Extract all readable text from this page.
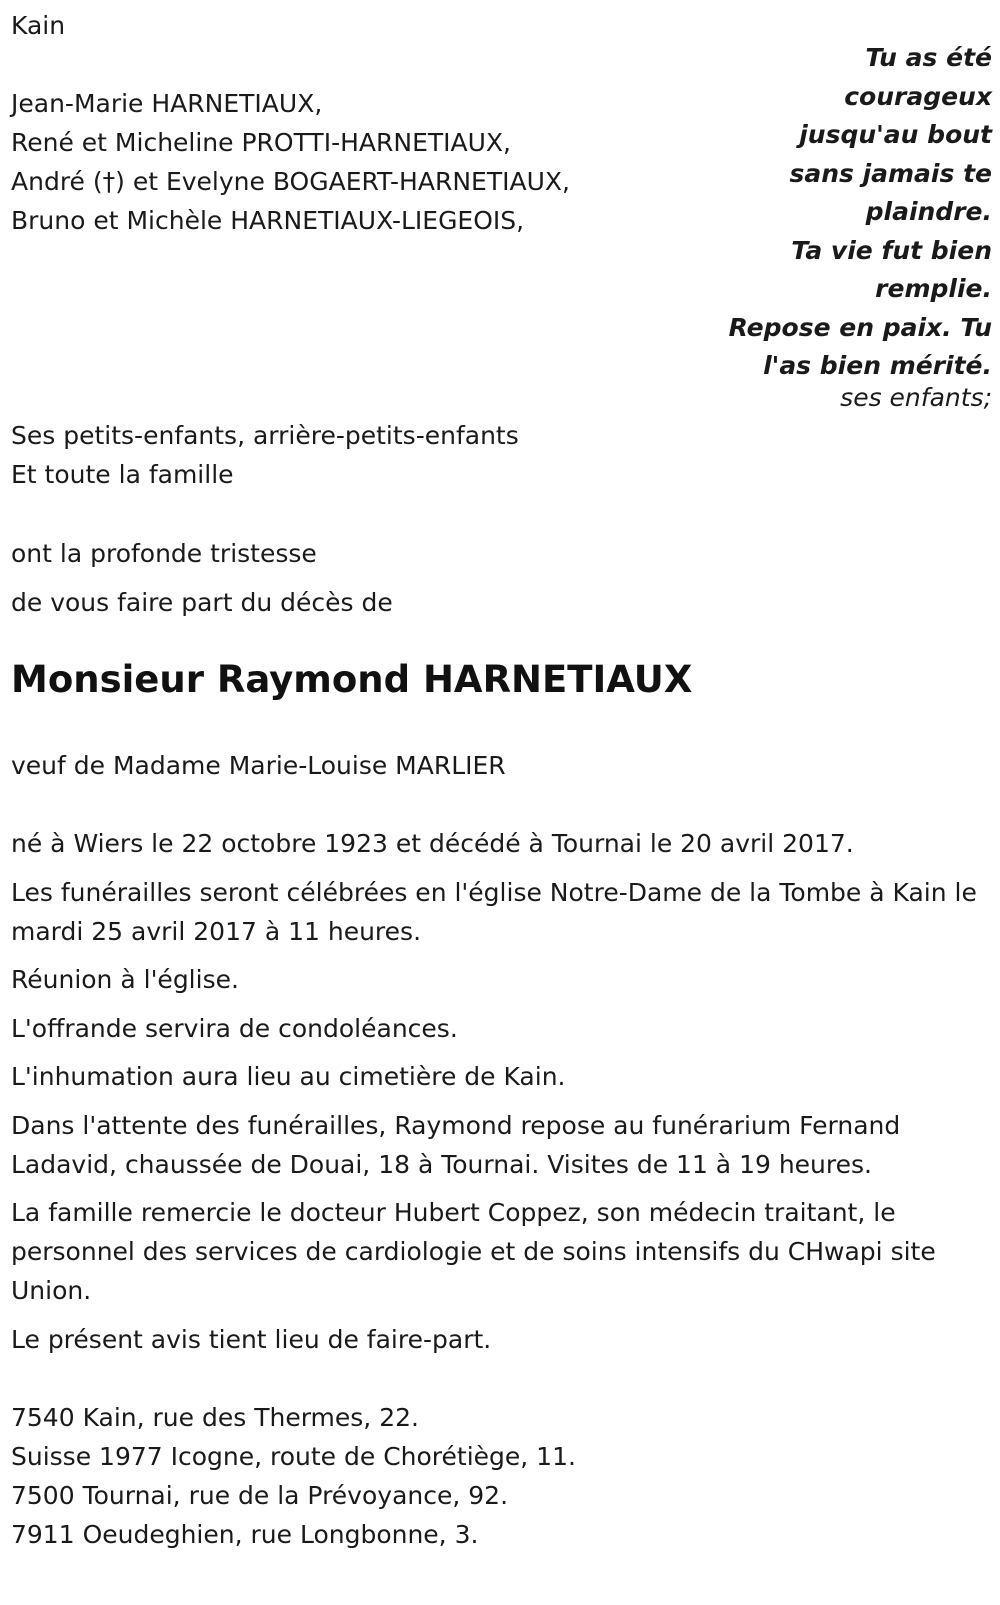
Kain
Jean-Marie HARNETIAUX,
René et Micheline PROTTI-HARNETIAUX,
André (†) et Evelyne BOGAERT-HARNETIAUX,
Bruno et Michèle HARNETIAUX-LIEGEOIS,
Tu as été
courageux
jusqu'au bout
sans jamais te
plaindre.
Ta vie fut bien
remplie.
Repose en paix. Tu
l'as bien mérité.
ses enfants;
Ses petits-enfants, arrière-petits-enfants
Et toute la famille
ont la profonde tristesse
de vous faire part du décès de
Monsieur Raymond HARNETIAUX
veuf de Madame Marie-Louise MARLIER

né à Wiers le 22 octobre 1923 et décédé à Tournai le 20 avril 2017.

Les funérailles seront célébrées en l'église Notre-Dame de la Tombe à Kain le mardi 25 avril 2017 à 11 heures.

Réunion à l'église.

L'offrande servira de condoléances.

L'inhumation aura lieu au cimetière de Kain.

Dans l'attente des funérailles, Raymond repose au funérarium Fernand Ladavid, chaussée de Douai, 18 à Tournai. Visites de 11 à 19 heures.

La famille remercie le docteur Hubert Coppez, son médecin traitant, le personnel des services de cardiologie et de soins intensifs du CHwapi site Union.

Le présent avis tient lieu de faire-part.

7540 Kain, rue des Thermes, 22.
Suisse 1977 Icogne, route de Chorétiège, 11.
7500 Tournai, rue de la Prévoyance, 92.
7911 Oeudeghien, rue Longbonne, 3.
